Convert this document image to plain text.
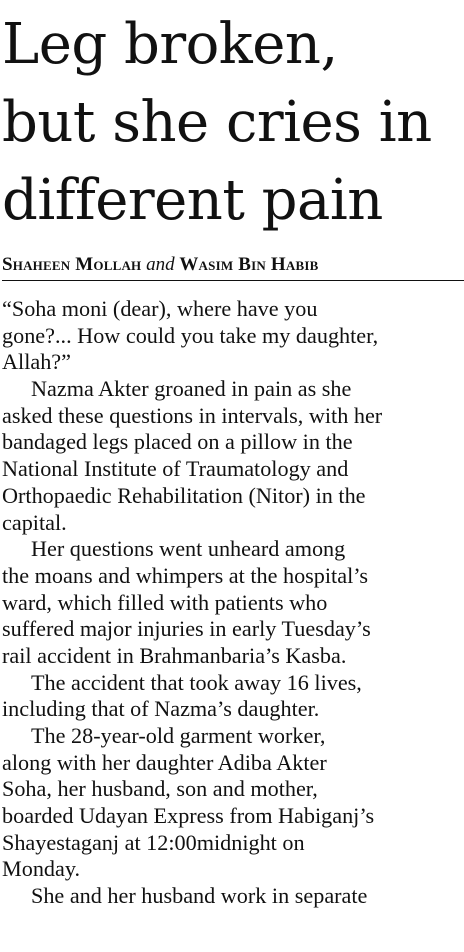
Leg broken,
but she cries in
different pain
Shaheen Mollah and Wasim Bin Habib
“Soha moni (dear), where have you
gone?... How could you take my daughter,
Allah?”
Nazma Akter groaned in pain as she
asked these questions in intervals, with her
bandaged legs placed on a pillow in the
National Institute of Traumatology and
Orthopaedic Rehabilitation (Nitor) in the
capital.
Her questions went unheard among
the moans and whimpers at the hospital’s
ward, which filled with patients who
suffered major injuries in early Tuesday’s
rail accident in Brahmanbaria’s Kasba.
The accident that took away 16 lives,
including that of Nazma’s daughter.
The 28-year-old garment worker,
along with her daughter Adiba Akter
Soha, her husband, son and mother,
boarded Udayan Express from Habiganj’s
Shayestaganj at 12:00midnight on
Monday.
She and her husband work in separate
